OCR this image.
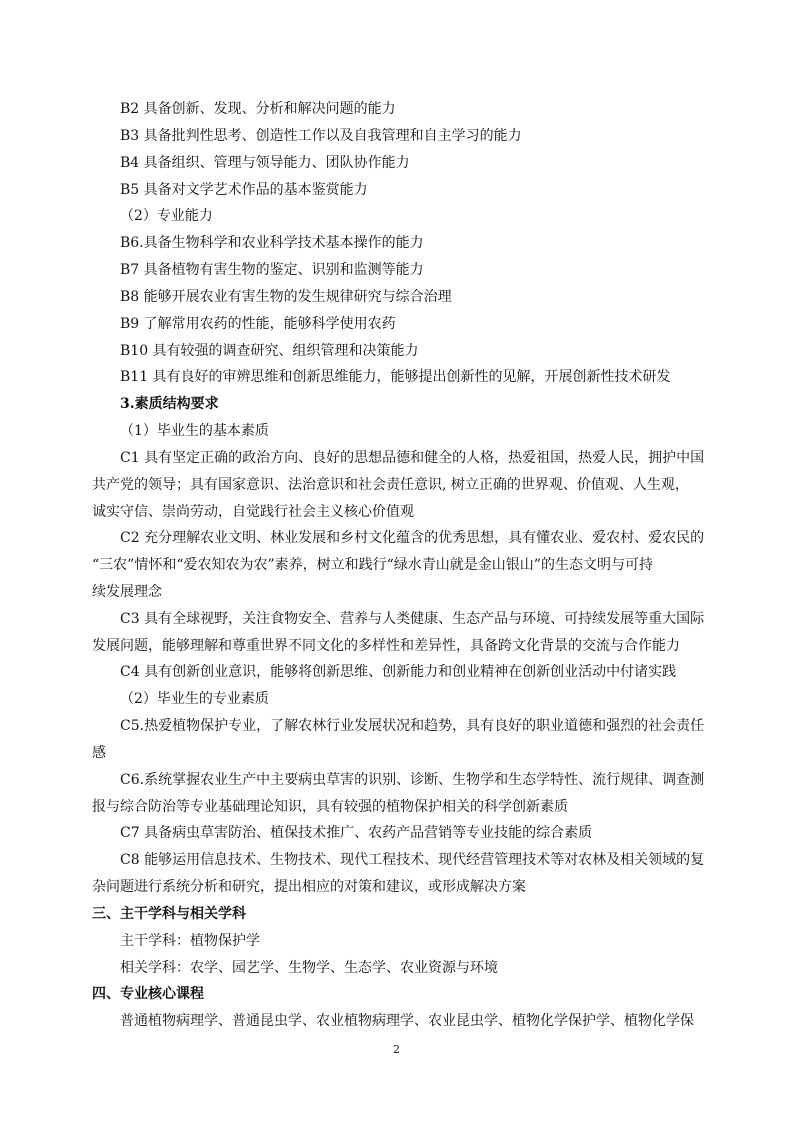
B2 具备创新、发现、分析和解决问题的能力
B3 具备批判性思考、创造性工作以及自我管理和自主学习的能力
B4 具备组织、管理与领导能力、团队协作能力
B5 具备对文学艺术作品的基本鉴赏能力
（2）专业能力
B6.具备生物科学和农业科学技术基本操作的能力
B7 具备植物有害生物的鉴定、识别和监测等能力
B8 能够开展农业有害生物的发生规律研究与综合治理
B9 了解常用农药的性能，能够科学使用农药
B10 具有较强的调查研究、组织管理和决策能力
B11 具有良好的审辨思维和创新思维能力，能够提出创新性的见解，开展创新性技术研发
3.素质结构要求
（1）毕业生的基本素质
C1 具有坚定正确的政治方向、良好的思想品德和健全的人格，热爱祖国，热爱人民，拥护中国
共产党的领导；具有国家意识、法治意识和社会责任意识, 树立正确的世界观、价值观、人生观，
诚实守信、崇尚劳动，自觉践行社会主义核心价值观
C2 充分理解农业文明、林业发展和乡村文化蕴含的优秀思想，具有懂农业、爱农村、爱农民的
“三农”情怀和“爱农知农为农”素养，树立和践行“绿水青山就是金山银山”的生态文明与可持
续发展理念
C3 具有全球视野，关注食物安全、营养与人类健康、生态产品与环境、可持续发展等重大国际
发展问题，能够理解和尊重世界不同文化的多样性和差异性，具备跨文化背景的交流与合作能力
C4 具有创新创业意识，能够将创新思维、创新能力和创业精神在创新创业活动中付诸实践
（2）毕业生的专业素质
C5.热爱植物保护专业，了解农林行业发展状况和趋势，具有良好的职业道德和强烈的社会责任
感
C6.系统掌握农业生产中主要病虫草害的识别、诊断、生物学和生态学特性、流行规律、调查测
报与综合防治等专业基础理论知识，具有较强的植物保护相关的科学创新素质
C7 具备病虫草害防治、植保技术推广、农药产品营销等专业技能的综合素质
C8 能够运用信息技术、生物技术、现代工程技术、现代经营管理技术等对农林及相关领域的复
杂问题进行系统分析和研究，提出相应的对策和建议，或形成解决方案
三、主干学科与相关学科
主干学科：植物保护学
相关学科：农学、园艺学、生物学、生态学、农业资源与环境
四、专业核心课程
普通植物病理学、普通昆虫学、农业植物病理学、农业昆虫学、植物化学保护学、植物化学保
2
